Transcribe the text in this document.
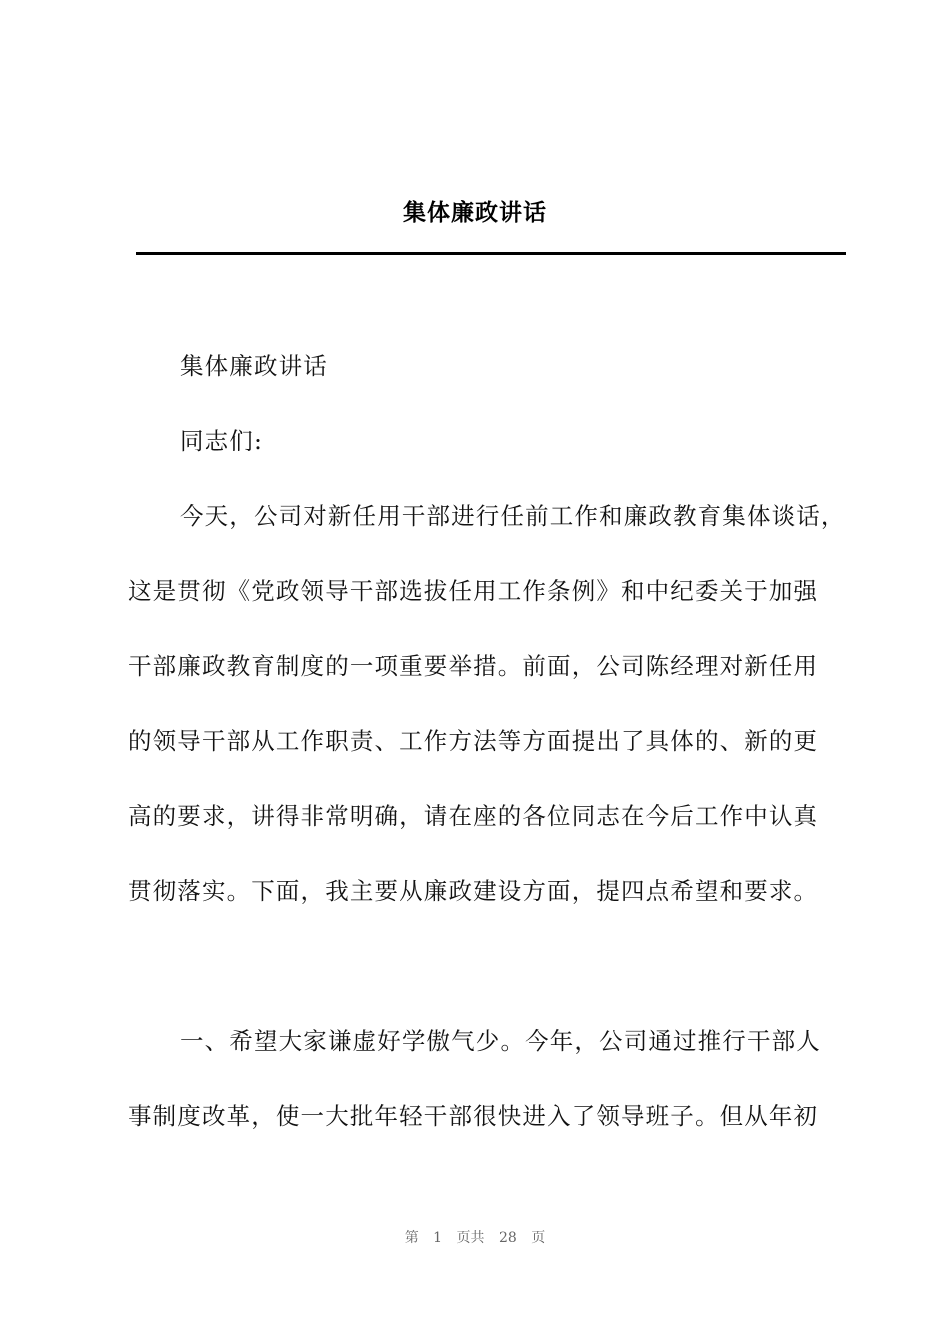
集体廉政讲话
集体廉政讲话
同志们:
今天，公司对新任用干部进行任前工作和廉政教育集体谈话，
这是贯彻《党政领导干部选拔任用工作条例》和中纪委关于加强
干部廉政教育制度的一项重要举措。前面，公司陈经理对新任用
的领导干部从工作职责、工作方法等方面提出了具体的、新的更
高的要求，讲得非常明确，请在座的各位同志在今后工作中认真
贯彻落实。下面，我主要从廉政建设方面，提四点希望和要求。
一、希望大家谦虚好学傲气少。今年，公司通过推行干部人
事制度改革，使一大批年轻干部很快进入了领导班子。但从年初
第 1 页共 28 页
